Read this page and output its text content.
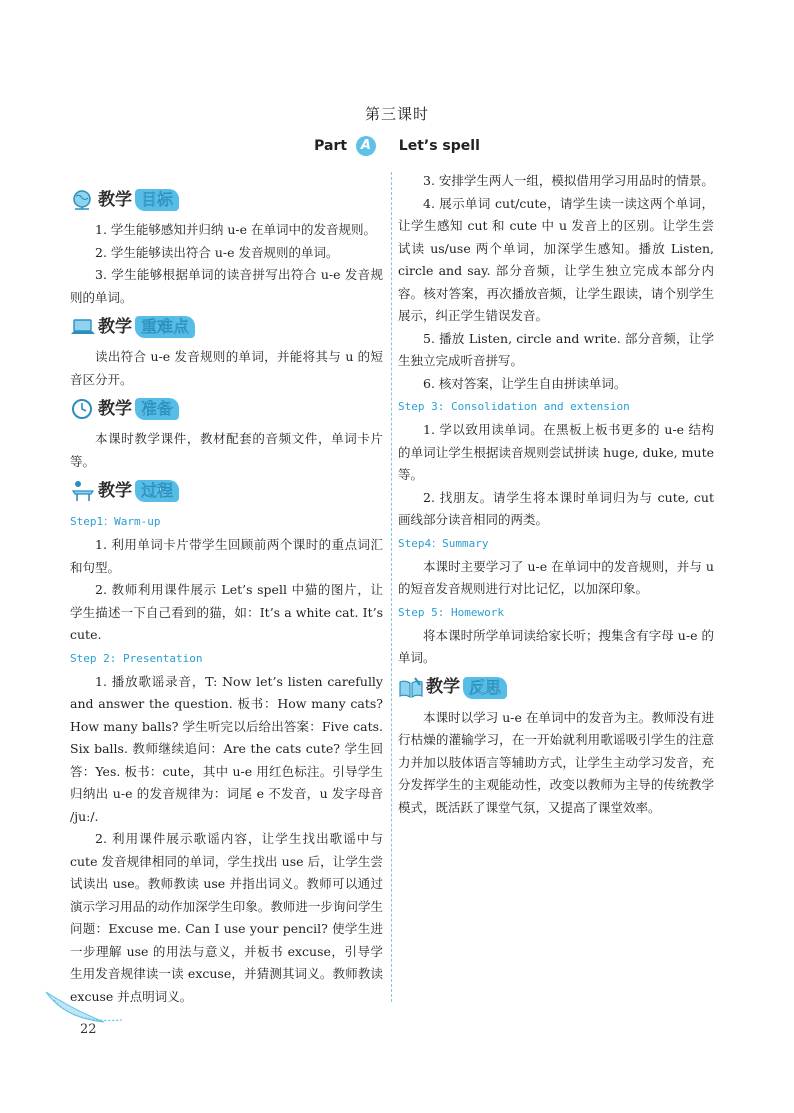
第三课时
Part A Let’s spell
教学 目标

1. 学生能够感知并归纳 u-e 在单词中的发音规则。

2. 学生能够读出符合 u-e 发音规则的单词。

3. 学生能够根据单词的读音拼写出符合 u-e 发音规则的单词。

教学 重难点

读出符合 u-e 发音规则的单词，并能将其与 u 的短音区分开。

教学 准备

本课时教学课件，教材配套的音频文件，单词卡片等。

教学 过程
Step1：Warm-up

1. 利用单词卡片带学生回顾前两个课时的重点词汇和句型。

2. 教师利用课件展示 Let’s spell 中猫的图片，让学生描述一下自己看到的猫，如：It’s a white cat. It’s cute.

Step 2: Presentation

1. 播放歌谣录音，T: Now let’s listen carefully and answer the question. 板书：How many cats? How many balls? 学生听完以后给出答案：Five cats. Six balls. 教师继续追问：Are the cats cute? 学生回答：Yes. 板书：cute，其中 u-e 用红色标注。引导学生归纳出 u-e 的发音规律为：词尾 e 不发音，u 发字母音 /juː/.

2. 利用课件展示歌谣内容，让学生找出歌谣中与 cute 发音规律相同的单词，学生找出 use 后，让学生尝试读出 use。教师教读 use 并指出词义。教师可以通过演示学习用品的动作加深学生印象。教师进一步询问学生问题：Excuse me. Can I use your pencil? 使学生进一步理解 use 的用法与意义，并板书 excuse，引导学生用发音规律读一读 excuse，并猜测其词义。教师教读 excuse 并点明词义。

3. 安排学生两人一组，模拟借用学习用品时的情景。

4. 展示单词 cut/cute，请学生读一读这两个单词，让学生感知 cut 和 cute 中 u 发音上的区别。让学生尝试读 us/use 两个单词，加深学生感知。播放 Listen, circle and say. 部分音频，让学生独立完成本部分内容。核对答案，再次播放音频，让学生跟读，请个别学生展示，纠正学生错误发音。

5. 播放 Listen, circle and write. 部分音频，让学生独立完成听音拼写。

6. 核对答案，让学生自由拼读单词。

Step 3: Consolidation and extension

1. 学以致用读单词。在黑板上板书更多的 u-e 结构的单词让学生根据读音规则尝试拼读 huge, duke, mute 等。

2. 找朋友。请学生将本课时单词归为与 cute, cut 画线部分读音相同的两类。

Step4：Summary

本课时主要学习了 u-e 在单词中的发音规则，并与 u 的短音发音规则进行对比记忆，以加深印象。

Step 5: Homework

将本课时所学单词读给家长听；搜集含有字母 u-e 的单词。

教学 反思

本课时以学习 u-e 在单词中的发音为主。教师没有进行枯燥的灌输学习，在一开始就利用歌谣吸引学生的注意力并加以肢体语言等辅助方式，让学生主动学习发音，充分发挥学生的主观能动性，改变以教师为主导的传统教学模式，既活跃了课堂气氛，又提高了课堂效率。

22
